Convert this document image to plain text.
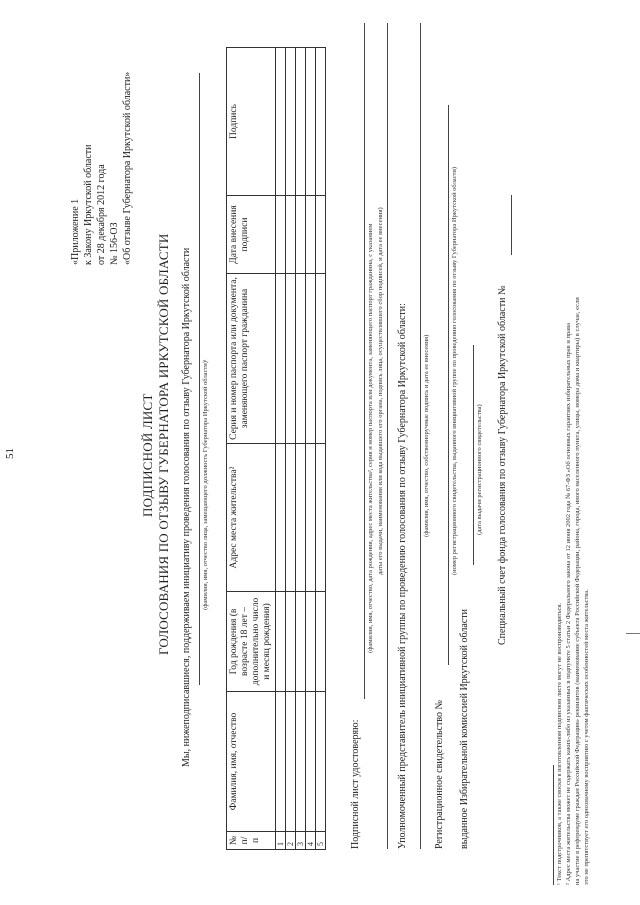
51
«Приложение 1 к Закону Иркутской области от 28 декабря 2012 года № 156-ОЗ «Об отзыве Губернатора Иркутской области»
ПОДПИСНОЙ ЛИСТ ГОЛОСОВАНИЯ ПО ОТЗЫВУ ГУБЕРНАТОРА ИРКУТСКОЙ ОБЛАСТИ Мы, нижеподписавшиеся, поддерживаем инициативу проведения голосования по отзыву Губернатора Иркутской области (фамилия, имя, отчество лица, замещающего должность Губернатора Иркутской области)¹
№ п/п	Фамилия, имя, отчество	Год рождения (в возрасте 18 лет – дополнительно число и месяц рождения)	Адрес места жительства²	Серия и номер паспорта или документа, заменяющего паспорт гражданина	Дата внесения подписи	Подпись
1						
2						
3						
4						
5							Подписной лист удостоверяю:
(фамилия, имя, отчество, дата рождения, адрес места жительства², серия и номер паспорта или документа, заменяющего паспорт гражданина, с указанием даты его выдачи, наименования или кода выдавшего его органа, подпись лица, осуществлявшего сбор подписей, и дата ее внесения) Уполномоченный представитель инициативной группы по проведению голосования по отзыву Губернатора Иркутской области: (фамилия, имя, отчество, собственноручные подпись и дата ее внесения)
Регистрационное свидетельство №
(номер регистрационного свидетельства, выданного инициативной группе по проведению голосования по отзыву Губернатора Иркутской области)
выданное Избирательной комиссией Иркутской области
(дата выдачи регистрационного свидетельства) Специальный счет фонда голосования по отзыву Губернатора Иркутской области №
¹ Текст подстрочников, а также сноски в изготовленном подписном листе могут не воспроизводиться. ² Адрес места жительства может не содержать каких-либо из указанных в подпункте 5 статьи 2 Федерального закона от 12 июня 2002 года № 67-ФЗ «Об основных гарантиях избирательных прав и права на участие в референдуме граждан Российской Федерации» реквизитов (наименование субъекта Российской Федерации, района, города, иного населенного пункта, улицы, номера дома и квартиры) в случае, если это не препятствует его однозначному восприятию с учетом фактических особенностей места жительства.
